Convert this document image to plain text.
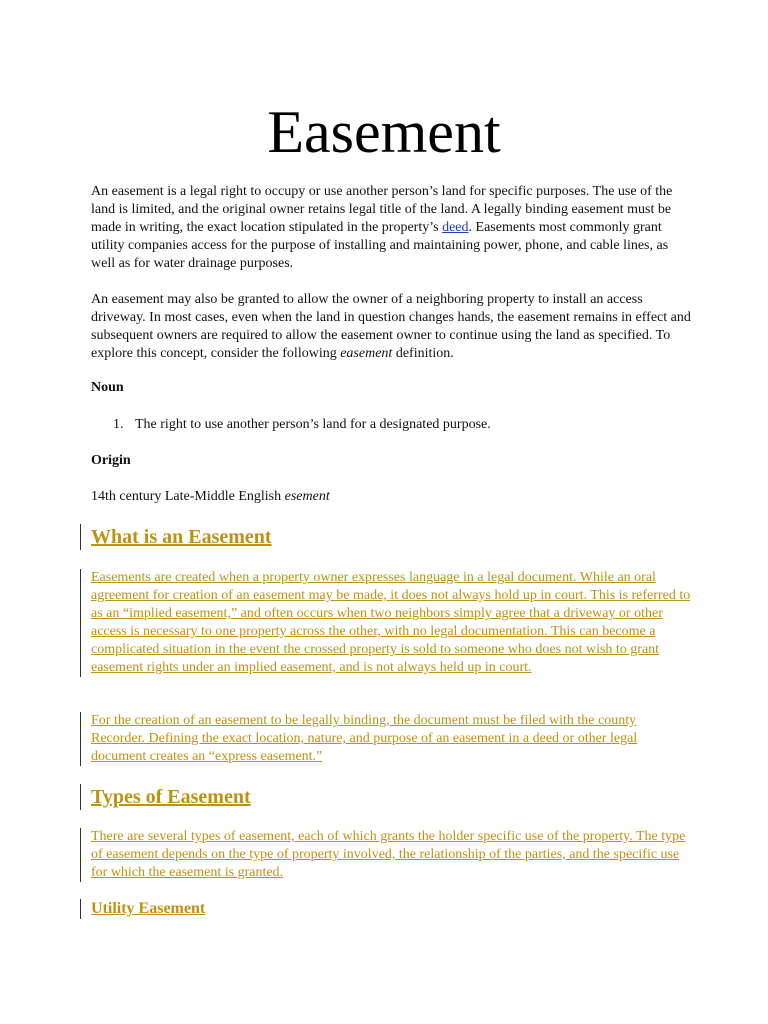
Easement

An easement is a legal right to occupy or use another person’s land for specific purposes. The use of the land is limited, and the original owner retains legal title of the land. A legally binding easement must be made in writing, the exact location stipulated in the property’s deed. Easements most commonly grant utility companies access for the purpose of installing and maintaining power, phone, and cable lines, as well as for water drainage purposes.

An easement may also be granted to allow the owner of a neighboring property to install an access driveway. In most cases, even when the land in question changes hands, the easement remains in effect and subsequent owners are required to allow the easement owner to continue using the land as specified. To explore this concept, consider the following easement definition.

Noun

1. The right to use another person’s land for a designated purpose.

Origin

14th century Late-Middle English esement

What is an Easement

Easements are created when a property owner expresses language in a legal document. While an oral agreement for creation of an easement may be made, it does not always hold up in court. This is referred to as an “implied easement,” and often occurs when two neighbors simply agree that a driveway or other access is necessary to one property across the other, with no legal documentation. This can become a complicated situation in the event the crossed property is sold to someone who does not wish to grant easement rights under an implied easement, and is not always held up in court.

For the creation of an easement to be legally binding, the document must be filed with the county Recorder. Defining the exact location, nature, and purpose of an easement in a deed or other legal document creates an “express easement.”

Types of Easement

There are several types of easement, each of which grants the holder specific use of the property. The type of easement depends on the type of property involved, the relationship of the parties, and the specific use for which the easement is granted.

Utility Easement
